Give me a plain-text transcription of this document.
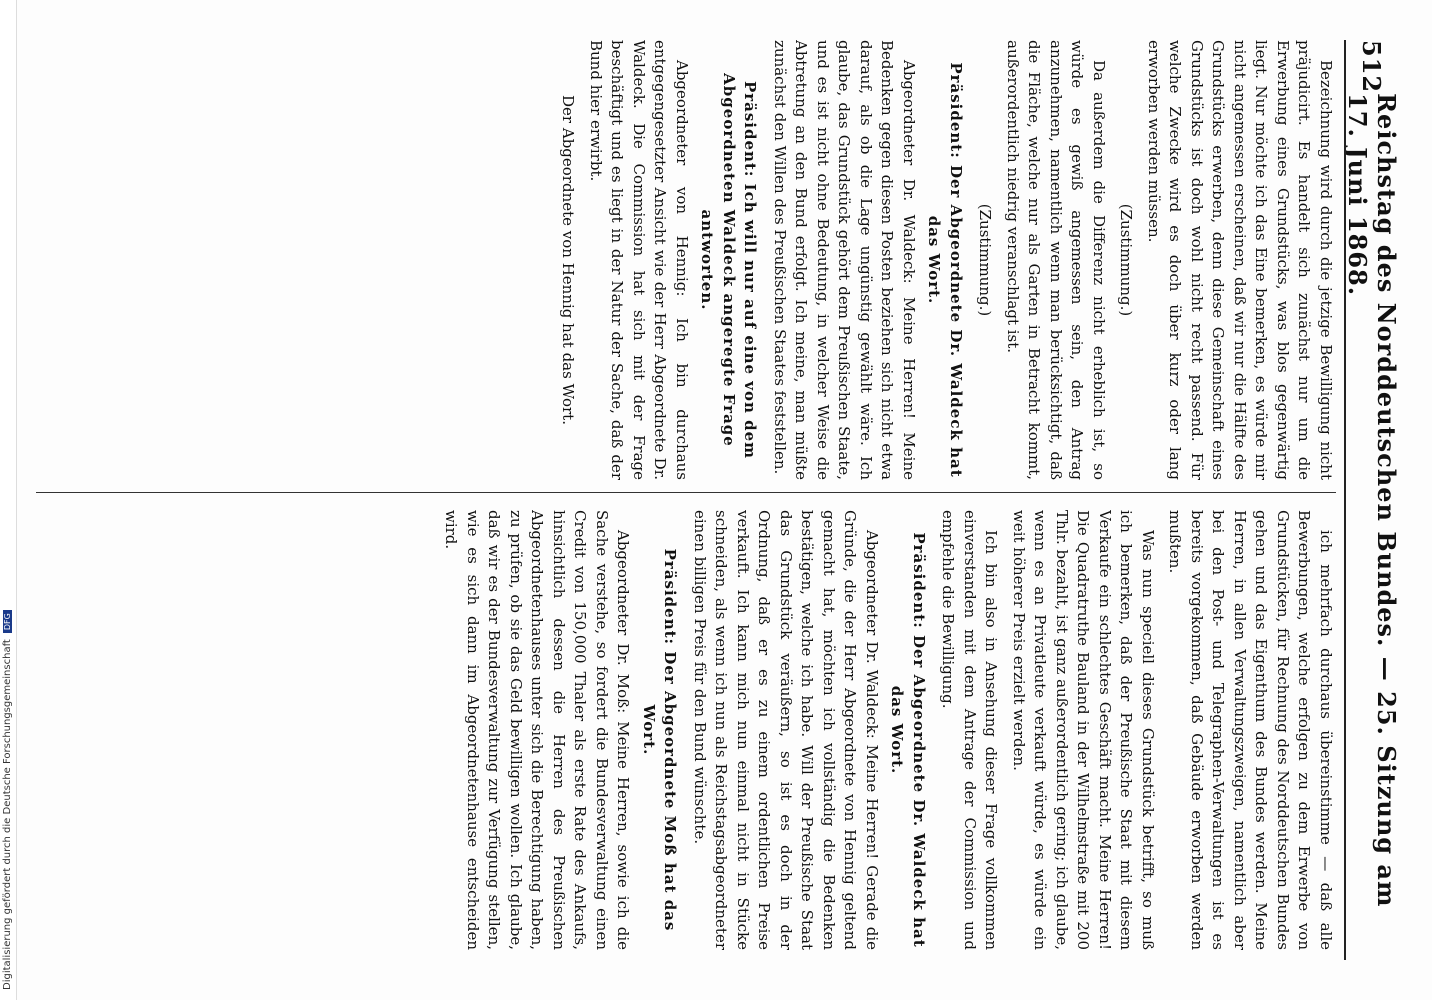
Digitalisierung gefördert durch die Deutsche ForschungsgemeinschaftDFG
512
Reichstag des Norddeutschen Bundes. — 25. Sitzung am 17. Juni 1868.

Bezeichnung wird durch die jetzige Bewilligung nicht präjudicirt. Es handelt sich zunächst nur um die Erwerbung eines Grundstücks, was blos gegenwärtig liegt. Nur möchte ich das Eine bemerken, es würde mir nicht angemessen erscheinen, daß wir nur die Hälfte des Grundstücks erwerben, denn diese Gemeinschaft eines Grundstücks ist doch wohl nicht recht passend. Für welche Zwecke wird es doch über kurz oder lang erworben werden müssen.

(Zustimmung.)

Da außerdem die Differenz nicht erheblich ist, so würde es gewiß angemessen sein, den Antrag anzunehmen, namentlich wenn man berücksichtigt, daß die Fläche, welche nur als Garten in Betracht kommt, außerordentlich niedrig veranschlagt ist.

(Zustimmung.)

Präsident: Der Abgeordnete Dr. Waldeck hat das Wort.

Abgeordneter Dr. Waldeck: Meine Herren! Meine Bedenken gegen diesen Posten beziehen sich nicht etwa darauf, als ob die Lage ungünstig gewählt wäre. Ich glaube, das Grundstück gehört dem Preußischen Staate, und es ist nicht ohne Bedeutung, in welcher Weise die Abtretung an den Bund erfolgt. Ich meine, man müßte zunächst den Willen des Preußischen Staates feststellen.

Präsident: Ich will nur auf eine von dem Abgeordneten Waldeck angeregte Frage antworten.

Abgeordneter von Hennig: Ich bin durchaus entgegengesetzter Ansicht wie der Herr Abgeordnete Dr. Waldeck. Die Commission hat sich mit der Frage beschäftigt und es liegt in der Natur der Sache, daß der Bund hier erwirbt.

Der Abgeordnete von Hennig hat das Wort.

ich mehrfach durchaus übereinstimme — daß alle Bewerbungen, welche erfolgen zu dem Erwerbe von Grundstücken, für Rechnung des Norddeutschen Bundes gehen und das Eigenthum des Bundes werden. Meine Herren, in allen Verwaltungszweigen, namentlich aber bei den Post- und Telegraphen-Verwaltungen ist es bereits vorgekommen, daß Gebäude erworben werden mußten.

Was nun speciell dieses Grundstück betrifft, so muß ich bemerken, daß der Preußische Staat mit diesem Verkaufe ein schlechtes Geschäft macht. Meine Herren! Die Quadratruthe Bauland in der Wilhelmstraße mit 200 Thlr. bezahlt, ist ganz außerordentlich gering; ich glaube, wenn es an Privatleute verkauft würde, es würde ein weit höherer Preis erzielt werden.

Ich bin also in Ansehung dieser Frage vollkommen einverstanden mit dem Antrage der Commission und empfehle die Bewilligung.

Präsident: Der Abgeordnete Dr. Waldeck hat das Wort.

Abgeordneter Dr. Waldeck: Meine Herren! Gerade die Gründe, die der Herr Abgeordnete von Hennig geltend gemacht hat, möchten ich vollständig die Bedenken bestätigen, welche ich habe. Will der Preußische Staat das Grundstück veräußern, so ist es doch in der Ordnung, daß er es zu einem ordentlichen Preise verkauft. Ich kann mich nun einmal nicht in Stücke schneiden, als wenn ich nun als Reichstagsabgeordneter einen billigen Preis für den Bund wünschte.

Präsident: Der Abgeordnete Moß hat das Wort.

Abgeordneter Dr. Moß: Meine Herren, sowie ich die Sache verstehe, so fordert die Bundesverwaltung einen Credit von 150,000 Thaler als erste Rate des Ankaufs, hinsichtlich dessen die Herren des Preußischen Abgeordnetenhauses unter sich die Berechtigung haben, zu prüfen, ob sie das Geld bewilligen wollen. Ich glaube, daß wir es der Bundesverwaltung zur Verfügung stellen, wie es sich dann im Abgeordnetenhause entscheiden wird.
